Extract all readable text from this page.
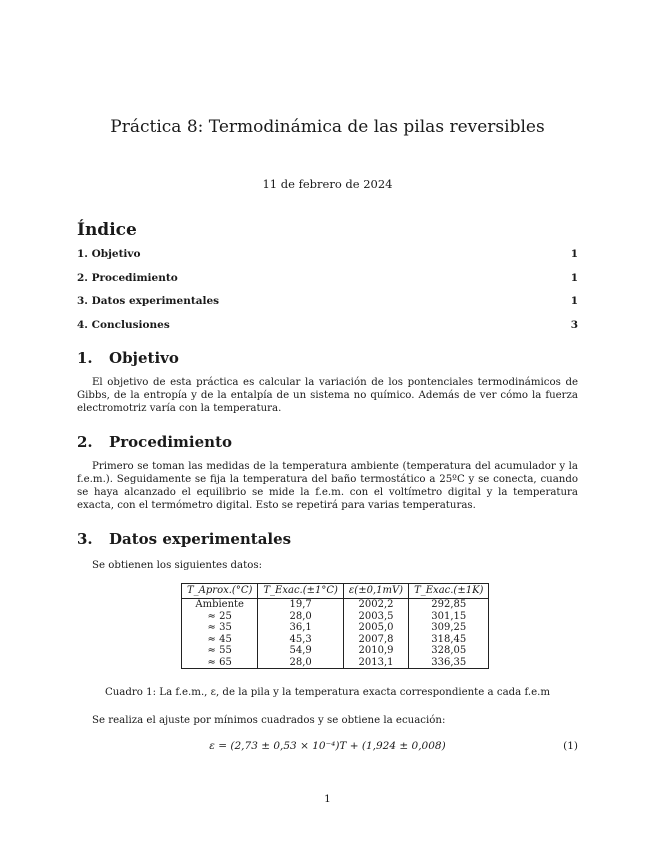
Práctica 8: Termodinámica de las pilas reversibles
11 de febrero de 2024
Índice
1. Objetivo	1
2. Procedimiento	1
3. Datos experimentales	1
4. Conclusiones	3
1. Objetivo
El objetivo de esta práctica es calcular la variación de los pontenciales termodinámicos de Gibbs, de la entropía y de la entalpía de un sistema no químico. Además de ver cómo la fuerza electromotriz varía con la temperatura.
2. Procedimiento
Primero se toman las medidas de la temperatura ambiente (temperatura del acumulador y la f.e.m.). Seguidamente se fija la temperatura del baño termostático a 25ºC y se conecta, cuando se haya alcanzado el equilibrio se mide la f.e.m. con el voltímetro digital y la temperatura exacta, con el termómetro digital. Esto se repetirá para varias temperaturas.
3. Datos experimentales
Se obtienen los siguientes datos:
T_Aprox.(°C)	T_Exac.(±1°C)	ε(±0,1mV)	T_Exac.(±1K)
Ambiente	19,7	2002,2	292,85
≈ 25	28,0	2003,5	301,15
≈ 35	36,1	2005,0	309,25
≈ 45	45,3	2007,8	318,45
≈ 55	54,9	2010,9	328,05
≈ 65	28,0	2013,1	336,35
Cuadro 1: La f.e.m., ε, de la pila y la temperatura exacta correspondiente a cada f.e.m
Se realiza el ajuste por mínimos cuadrados y se obtiene la ecuación:
ε = (2,73 ± 0,53 × 10⁻⁴)T + (1,924 ± 0,008)	(1)
1
